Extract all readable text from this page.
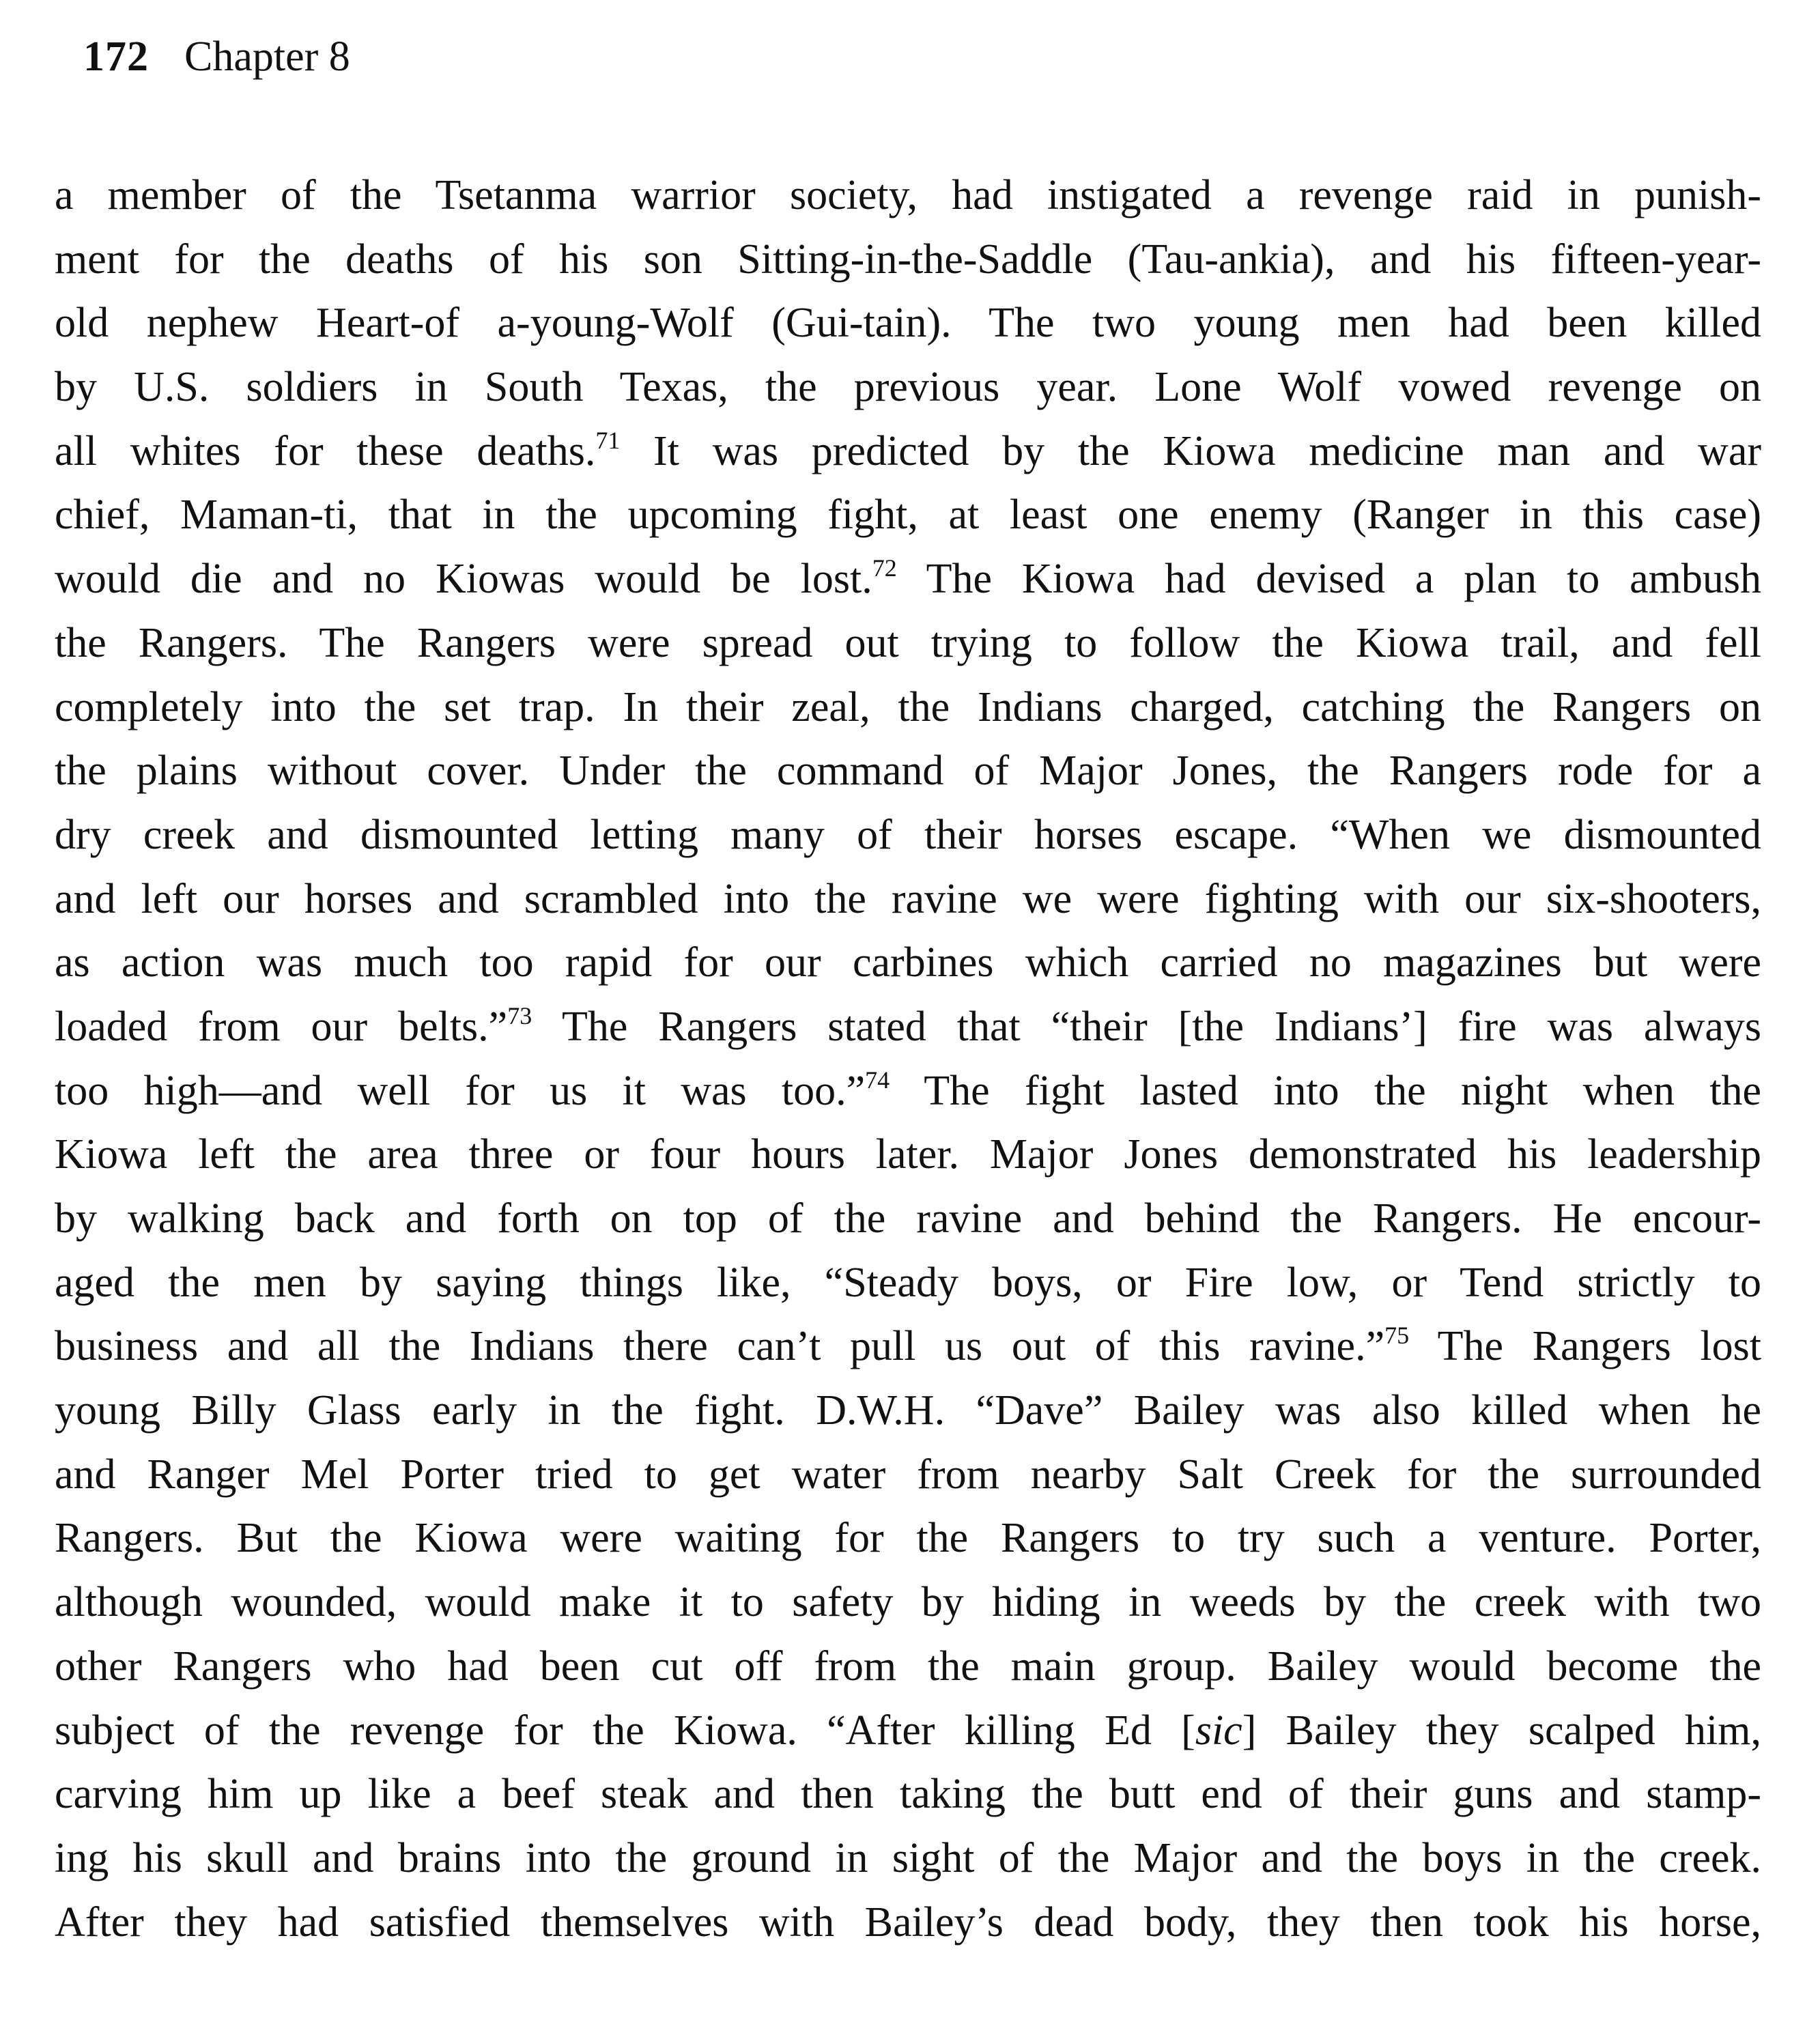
172 Chapter 8
a member of the Tsetanma warrior society, had instigated a revenge raid in punish-
ment for the deaths of his son Sitting-in-the-Saddle (Tau-ankia), and his fifteen-year-
old nephew Heart-of a-young-Wolf (Gui-tain). The two young men had been killed
by U.S. soldiers in South Texas, the previous year. Lone Wolf vowed revenge on
all whites for these deaths.$^{71}$ It was predicted by the Kiowa medicine man and war
chief, Maman-ti, that in the upcoming fight, at least one enemy (Ranger in this case)
would die and no Kiowas would be lost.$^{72}$ The Kiowa had devised a plan to ambush
the Rangers. The Rangers were spread out trying to follow the Kiowa trail, and fell
completely into the set trap. In their zeal, the Indians charged, catching the Rangers on
the plains without cover. Under the command of Major Jones, the Rangers rode for a
dry creek and dismounted letting many of their horses escape. “When we dismounted
and left our horses and scrambled into the ravine we were fighting with our six-shooters,
as action was much too rapid for our carbines which carried no magazines but were
loaded from our belts.”$^{73}$ The Rangers stated that “their [the Indians’] fire was always
too high—and well for us it was too.”$^{74}$ The fight lasted into the night when the
Kiowa left the area three or four hours later. Major Jones demonstrated his leadership
by walking back and forth on top of the ravine and behind the Rangers. He encour-
aged the men by saying things like, “Steady boys, or Fire low, or Tend strictly to
business and all the Indians there can’t pull us out of this ravine.”$^{75}$ The Rangers lost
young Billy Glass early in the fight. D.W.H. “Dave” Bailey was also killed when he
and Ranger Mel Porter tried to get water from nearby Salt Creek for the surrounded
Rangers. But the Kiowa were waiting for the Rangers to try such a venture. Porter,
although wounded, would make it to safety by hiding in weeds by the creek with two
other Rangers who had been cut off from the main group. Bailey would become the
subject of the revenge for the Kiowa. “After killing Ed [sic] Bailey they scalped him,
carving him up like a beef steak and then taking the butt end of their guns and stamp-
ing his skull and brains into the ground in sight of the Major and the boys in the creek.
After they had satisfied themselves with Bailey’s dead body, they then took his horse,
